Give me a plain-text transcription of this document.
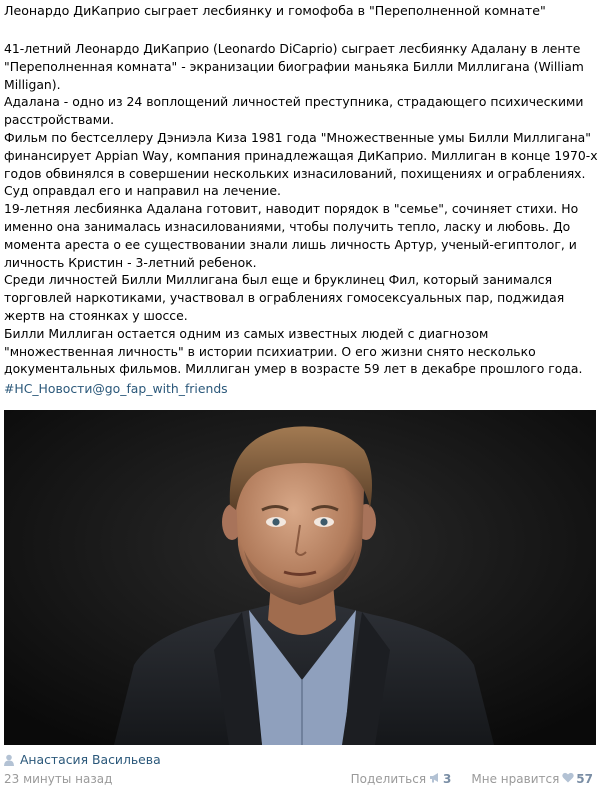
Леонардо ДиКаприо сыграет лесбиянку и гомофоба в "Переполненной комнате"
41-летний Леонардо ДиКаприо (Leonardo DiCaprio) сыграет лесбиянку Адалану в ленте "Переполненная комната" - экранизации биографии маньяка Билли Миллигана (William Milligan).
Адалана - одно из 24 воплощений личностей преступника, страдающего психическими расстройствами.
Фильм по бестселлеру Дэниэла Киза 1981 года "Множественные умы Билли Миллигана" финансирует Appian Way, компания принадлежащая ДиКаприо. Миллиган в конце 1970-х годов обвинялся в совершении нескольких изнасилований, похищениях и ограблениях. Суд оправдал его и направил на лечение.
19-летняя лесбиянка Адалана готовит, наводит порядок в "семье", сочиняет стихи. Но именно она занималась изнасилованиями, чтобы получить тепло, ласку и любовь. До момента ареста о ее существовании знали лишь личность Артур, ученый-египтолог, и личность Кристин - 3-летний ребенок.
Среди личностей Билли Миллигана был еще и бруклинец Фил, который занимался торговлей наркотиками, участвовал в ограблениях гомосексуальных пар, поджидая жертв на стоянках у шоссе.
Билли Миллиган остается одним из самых известных людей с диагнозом "множественная личность" в истории психиатрии. О его жизни снято несколько документальных фильмов. Миллиган умер в возрасте 59 лет в декабре прошлого года.
#НС_Новости@go_fap_with_friends
Анастасия Васильева
23 минуты назад	Поделиться 3 Мне нравится 57
